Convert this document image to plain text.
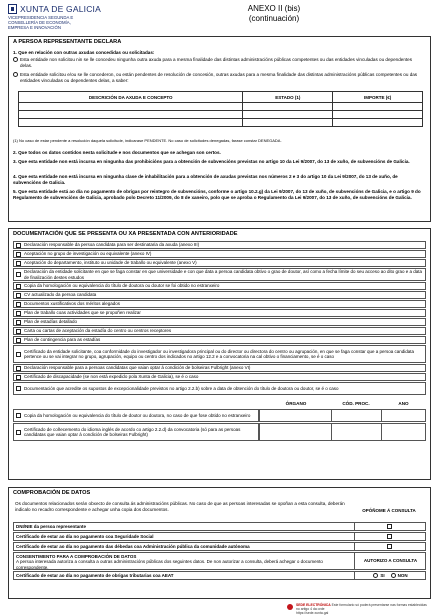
XUNTA DE GALICIA
VICEPRESIDENCIA SEGUNDA E
CONSELLERÍA DE ECONOMÍA,
EMPRESA E INNOVACIÓN
ANEXO II (bis)
(continuación)
A PERSOA REPRESENTANTE DECLARA
1. Que en relación con outras axudas concedidas ou solicitadas:
Esta entidade non solicitou nin se lle concedeu ningunha outra axuda para a mesma finalidade das distintas administracións públicas competentes ou das entidades vinculadas ou dependentes delas.
Esta entidade solicitou e/ou se lle concederon, ou están pendentes de resolución de concesión, outras axudas para a mesma finalidade das distintas administracións públicas competentes ou das entidades vinculadas ou dependentes delas, a saber:
DESCRICIÓN DA AXUDA E CONCEPTO	ESTADO (1)	IMPORTE (€)

(1) No caso de estar pendente a resolución daquela solicitude, indicarase PENDENTE. No caso de solicitudes denegadas, farase constar DENEGADA.
2. Que todos os datos contidos nesta solicitude e nos documentos que se achegan son certos.
3. Que esta entidade non está incursa en ningunha das prohibicións para a obtención de subvencións previstas no artigo 10 da Lei 9/2007, do 13 de xuño, de subvencións de Galicia.
4. Que esta entidade non está incursa en ningunha clase de inhabilitación para a obtención de axudas previstas nos números 2 e 3 do artigo 10 da Lei 9/2007, do 13 de xuño, de subvencións de Galicia.
5. Que esta entidade está ao día no pagamento de obrigas por reintegro de subvencións, conforme o artigo 10.2.g) da Lei 9/2007, do 13 de xuño, de subvencións de Galicia, e o artigo 9 do Regulamento de subvencións de Galicia, aprobado polo Decreto 11/2009, do 8 de xaneiro, polo que se aproba o Regulamento da Lei 9/2007, do 13 de xuño, de subvencións de Galicia.
DOCUMENTACIÓN QUE SE PRESENTA OU XA PRESENTADA CON ANTERIORIDADE
Declaración responsable da persoa candidata para ser destinataria da axuda (anexo III)
Aceptación no grupo de investigación ou equivalente (anexo IV)
Aceptación do departamento, instituto ou unidade de traballo ou equivalente (anexo V)
Declaración da entidade solicitante en que se faga constar en que universidade e con que data a persoa candidata obtivo o grao de doutor, así como a fecha límite do seu acceso ao dito grao e a data de finalización destes estudos
Copia da homologación ou equivalencia do título de doutora ou doutor se foi obtido no estranxeiro
CV actualizado da persoa candidata
Documentos xustificativos dos méritos alegados
Plan de traballo coas actividades que se propoñen realizar
Plan de estadías detallado
Carta ou cartas de aceptación da estadía do centro ou centros receptores
Plan de contingencia para as estadías
Certificado da entidade solicitante, coa conformidade do investigador ou investigadora principal ou do director ou directora do centro ou agrupación, en que se faga constar que a persoa candidata pertence ou se vai integrar no grupo, agrupación, equipo ou centro dos indicados no artigo 12.2 e a convocatoria na cal obtivo o financiamento, se é o caso
Declaración responsable para a persoas candidatas que vaian optar á condición de bolseiras Fulbright (anexo VI)
Certificado de discapacidade (se non está expedido pola Xunta de Galicia), se é o caso
Documentación que acredite os supostos de excepcionalidade previstos no artigo 2.2.b) sobre a data de obtención do título de doutora ou doutor, se é o caso
ÓRGANO	CÓD. PROC.	ANO
Copia da homologación ou equivalencia do título de doutor ou doutora, no caso de que fose obtido no estranxeiro
Certificado de coñecemento do idioma inglés de acordo co artigo 2.2.d) da convocatoria (só para as persoas candidatas que vaian optar á condición de bolseiras Fulbright)
COMPROBACIÓN DE DATOS
Os documentos relacionados serán obxecto de consulta ás administracións públicas. No caso de que as persoas interesadas se opoñan a esta consulta, deberán indicalo no recadro correspondente e achegar unha copia dos documentos.	OPÓÑOME Á CONSULTA
DNI/NIE da persoa representante
Certificado de estar ao día no pagamento coa Seguridade Social
Certificado de estar ao día no pagamento das débedas coa Administración pública da comunidade autónoma
CONSENTIMENTO PARA A COMPROBACIÓN DE DATOS
A persoa interesada autoriza a consulta a outras administracións públicas dos seguintes datos. De non autorizar a consulta, deberá achegar o documento correspondente.
AUTORIZO A CONSULTA
Certificado de estar ao día no pagamento de obrigas tributarias coa AEAT	SI	NON
SEDE ELECTRÓNICA Este formulario só poderá presentarse nas formas establecidas no artigo 4 da orde
https://sede.xunta.gal
